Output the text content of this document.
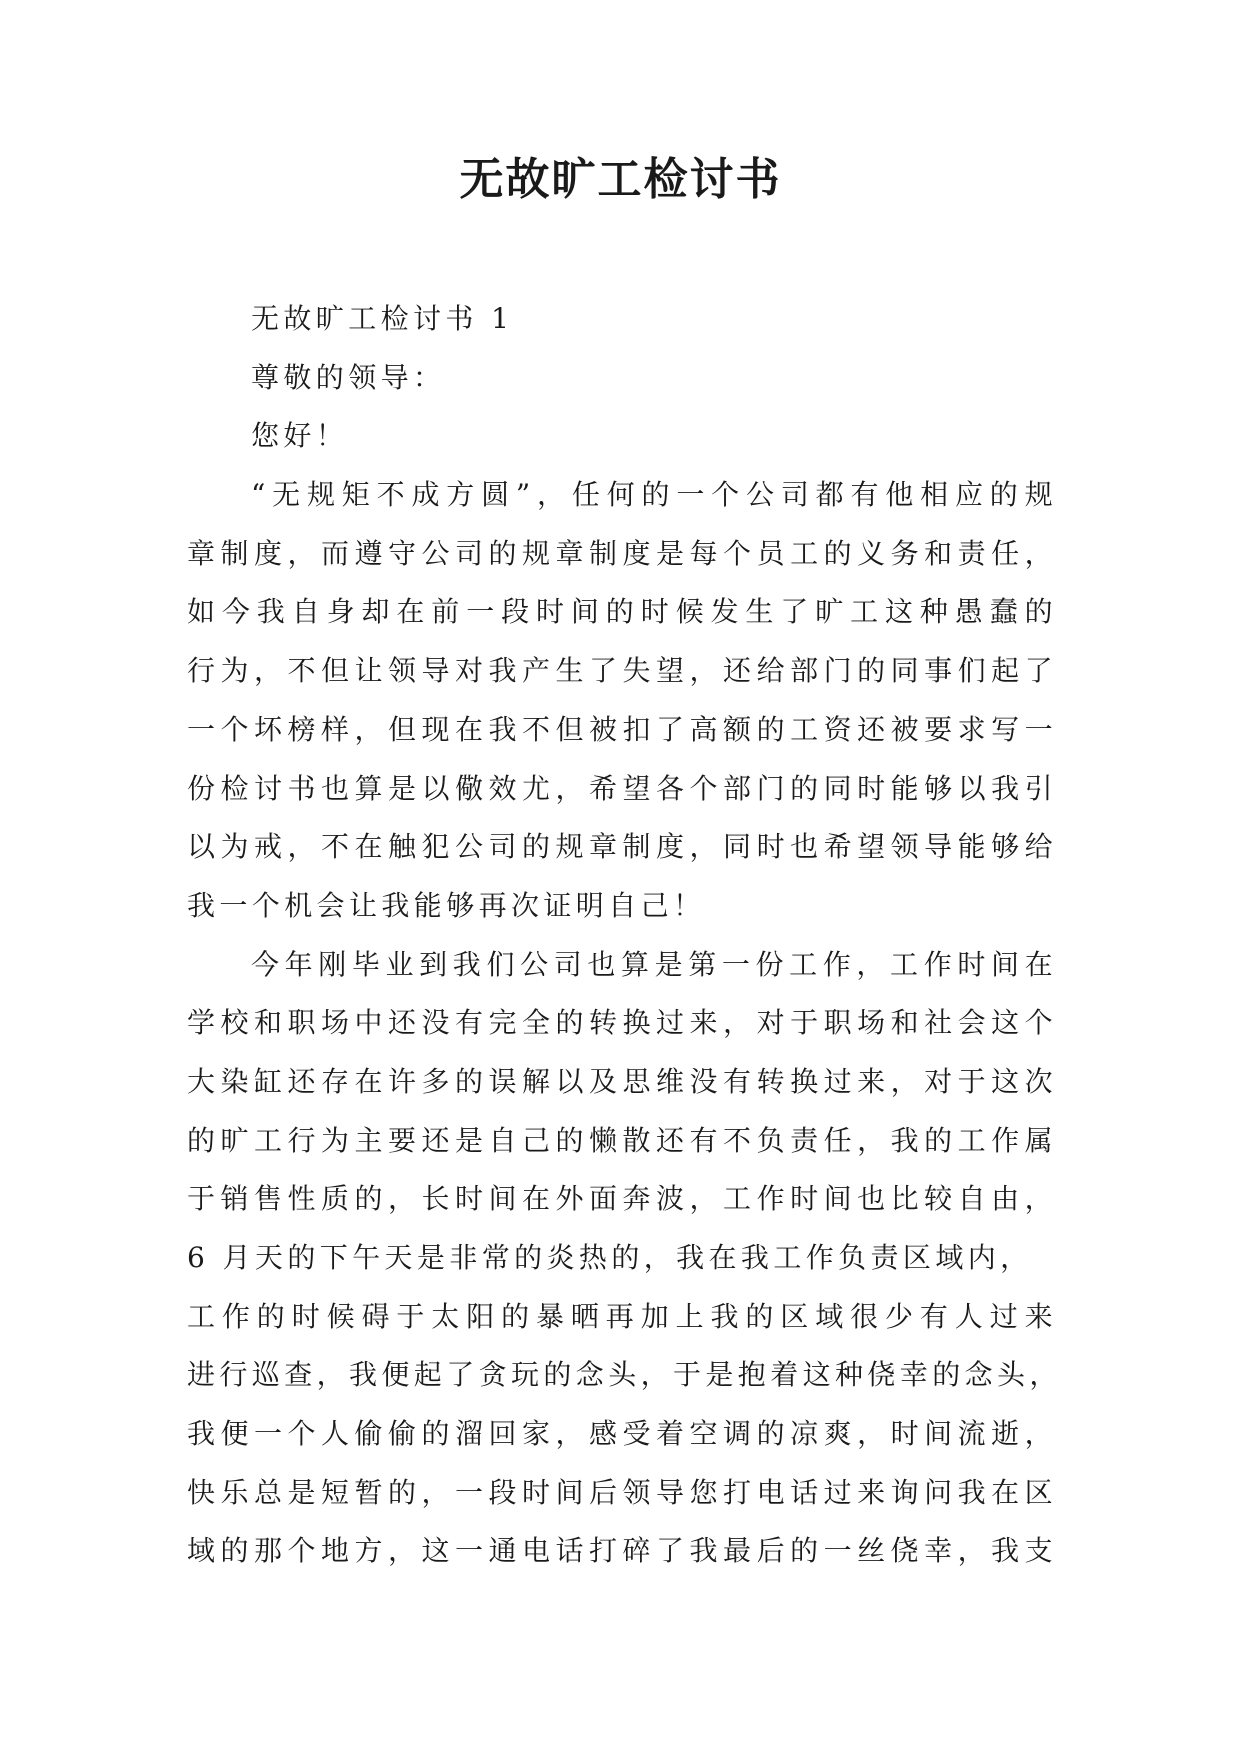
无故旷工检讨书
无故旷工检讨书 1
尊敬的领导：
您好！
“无规矩不成方圆”，任何的一个公司都有他相应的规
章制度，而遵守公司的规章制度是每个员工的义务和责任，
如今我自身却在前一段时间的时候发生了旷工这种愚蠢的
行为，不但让领导对我产生了失望，还给部门的同事们起了
一个坏榜样，但现在我不但被扣了高额的工资还被要求写一
份检讨书也算是以儆效尤，希望各个部门的同时能够以我引
以为戒，不在触犯公司的规章制度，同时也希望领导能够给
我一个机会让我能够再次证明自己！
今年刚毕业到我们公司也算是第一份工作，工作时间在
学校和职场中还没有完全的转换过来，对于职场和社会这个
大染缸还存在许多的误解以及思维没有转换过来，对于这次
的旷工行为主要还是自己的懒散还有不负责任，我的工作属
于销售性质的，长时间在外面奔波，工作时间也比较自由，
6 月天的下午天是非常的炎热的，我在我工作负责区域内，
工作的时候碍于太阳的暴晒再加上我的区域很少有人过来
进行巡查，我便起了贪玩的念头，于是抱着这种侥幸的念头，
我便一个人偷偷的溜回家，感受着空调的凉爽，时间流逝，
快乐总是短暂的，一段时间后领导您打电话过来询问我在区
域的那个地方，这一通电话打碎了我最后的一丝侥幸，我支
